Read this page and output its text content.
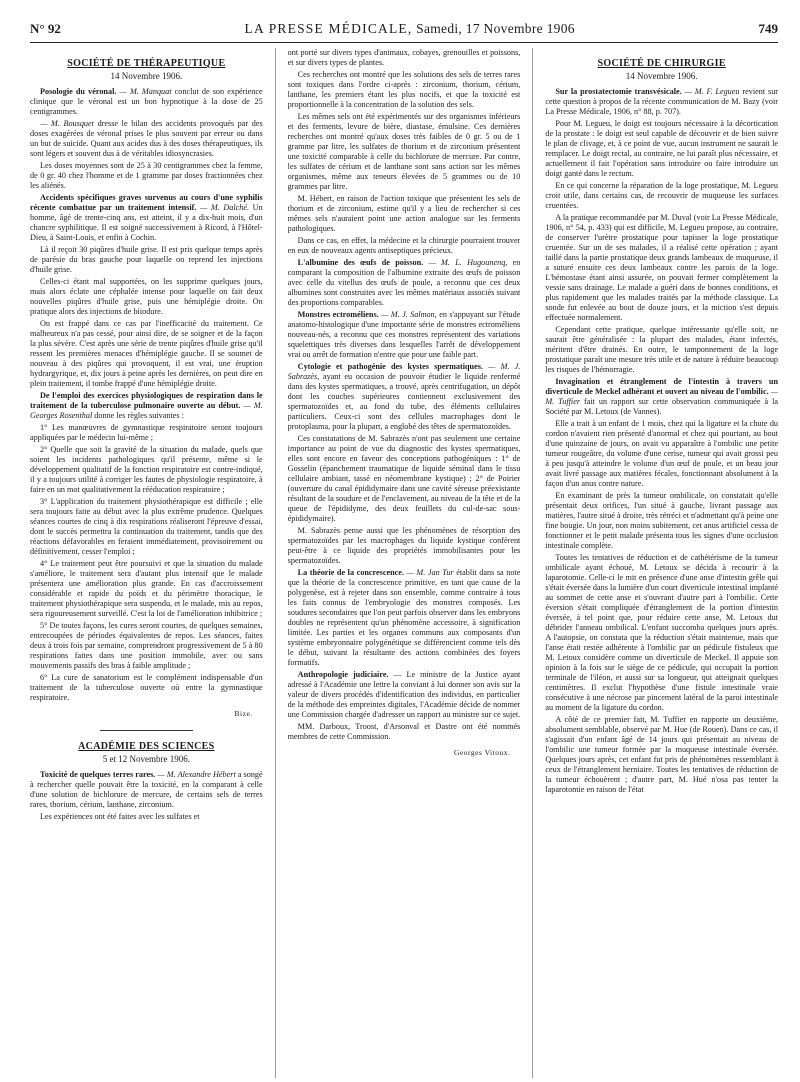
N° 92	LA PRESSE MÉDICALE, Samedi, 17 Novembre 1906	749
SOCIÉTÉ DE THÉRAPEUTIQUE
14 Novembre 1906.

Posologie du véronal. — M. Manquat conclut de son expérience clinique que le véronal est un bon hypnotique à la dose de 25 centigrammes.

— M. Bousquet dresse le bilan des accidents provoqués par des doses exagérées de véronal prises le plus souvent par erreur ou dans un but de suicide. Quant aux acides dus à des doses thérapeutiques, ils sont légers et souvent dus à de véritables idiosyncrasies.

Les doses moyennes sont de 25 à 30 centigrammes chez la femme, de 0 gr. 40 chez l'homme et de 1 gramme par doses fractionnées chez les aliénés.

Accidents spécifiques graves survenus au cours d'une syphilis récente combattue par un traitement intensif. — M. Dalché. Un homme, âgé de trente-cinq ans, est atteint, il y a dix-huit mois, d'un chancre syphilitique. Il est soigné successivement à Ricord, à l'Hôtel-Dieu, à Saint-Louis, et enfin à Cochin.

Là il reçoit 30 piqûres d'huile grise. Il est pris quelque temps après de parésie du bras gauche pour laquelle on reprend les injections d'huile grise.

Celles-ci étant mal supportées, on les supprime quelques jours, mais alors éclate une céphalée intense pour laquelle on fait deux nouvelles piqûres d'huile grise, puis une hémiplégie droite. On pratique alors des injections de biiodure.

On est frappé dans ce cas par l'inefficacité du traitement. Ce malheureux n'a pas cessé, pour ainsi dire, de se soigner et de la façon la plus sévère. C'est après une série de trente piqûres d'huile grise qu'il ressent les premières menaces d'hémiplégie gauche. Il se soumet de nouveau à des piqûres qui provoquent, il est vrai, une éruption hydrargyrique, et, dix jours à peine après les dernières, on peut dire en plein traitement, il tombe frappé d'une hémiplégie droite.

De l'emploi des exercices physiologiques de respiration dans le traitement de la tuberculose pulmonaire ouverte au début. — M. Georges Rosenthal donne les règles suivantes :

1° Les manœuvres de gymnastique respiratoire seront toujours appliquées par le médecin lui-même ;

2° Quelle que soit la gravité de la situation du malade, quels que soient les incidents pathologiques qu'il présente, même si le développement qualitatif de la fonction respiratoire est contre-indiqué, il y a toujours utilité à corriger les fautes de physiologie respiratoire, à faire en un mot qualitativement la rééducation respiratoire ;

3° L'application du traitement physiothérapique est difficile ; elle sera toujours faite au début avec la plus extrême prudence. Quelques séances courtes de cinq à dix respirations réaliseront l'épreuve d'essai, dont le succès permettra la continuation du traitement, tandis que des réactions défavorables en feraient immédiatement, provisoirement ou définitivement, cesser l'emploi ;

4° Le traitement peut être poursuivi et que la situation du malade s'améliore, le traitement sera d'autant plus intensif que le malade présentera une amélioration plus grande. En cas d'accroissement considérable et rapide du poids et du périmètre thoracique, le traitement physiothérapique sera suspendu, et le malade, mis au repos, sera rigoureusement surveillé. C'est la loi de l'amélioration inhibitrice ;

5° De toutes façons, les cures seront courtes, de quelques semaines, entrecoupées de périodes équivalentes de repos. Les séances, faites deux à trois fois par semaine, comprendront progressivement de 5 à 80 respirations faites dans une position immobile, avec ou sans mouvements passifs des bras à faible amplitude ;

6° La cure de sanatorium est le complément indispensable d'un traitement de la tuberculose ouverte où entre la gymnastique respiratoire.

Bize.
ACADÉMIE DES SCIENCES
5 et 12 Novembre 1906.

Toxicité de quelques terres rares. — M. Alexandre Hébert a songé à rechercher quelle pouvait être la toxicité, en la comparant à celle d'une solution de bichlorure de mercure, de certains sels de terres rares, thorium, cérium, lanthane, zirconium.

Les expériences ont été faites avec les sulfates et

ont porté sur divers types d'animaux, cobayes, grenouilles et poissons, et sur divers types de plantes.

Ces recherches ont montré que les solutions des sels de terres rares sont toxiques dans l'ordre ci-après : zirconium, thorium, cérium, lanthane, les premiers étant les plus nocifs, et que la toxicité est proportionnelle à la concentration de la solution des sels.

Les mêmes sels ont été expérimentés sur des organismes inférieurs et des ferments, levure de bière, diastase, émulsine. Ces dernières recherches ont montré qu'aux doses très faibles de 0 gr. 5 ou de 1 gramme par litre, les sulfates de thorium et de zirconium présentent une toxicité comparable à celle du bichlorure de mercure. Par contre, les sulfates de cérium et de lanthane sont sans action sur les mêmes organismes, même aux teneurs élevées de 5 grammes ou de 10 grammes par litre.

M. Hébert, en raison de l'action toxique que présentent les sels de thorium et de zirconium, estime qu'il y a lieu de rechercher si ces mêmes sels n'auraient point une action analogue sur les ferments pathologiques.

Dans ce cas, en effet, la médecine et la chirurgie pourraient trouver en eux de nouveaux agents antiseptiques précieux.

L'albumine des œufs de poisson. — M. L. Hugounenq, en comparant la composition de l'albumine extraite des œufs de poisson avec celle du vitellus des œufs de poule, a reconnu que ces deux albumines sont construites avec les mêmes matériaux associés suivant des proportions comparables.

Monstres ectroméliens. — M. J. Salmon, en s'appuyant sur l'étude anatomo-histologique d'une importante série de monstres ectroméliens nouveau-nés, a reconnu que ces monstres représentent des variations squelettiques très diverses dans lesquelles l'arrêt de développement vrai ou arrêt de formation n'entre que pour une faible part.

Cytologie et pathogénie des kystes spermatiques. — M. J. Sabrazès, ayant eu occasion de pouvoir étudier le liquide renfermé dans des kystes spermatiques, a trouvé, après centrifugation, un dépôt dont les couches supérieures contiennent exclusivement des spermatozoïdes et, au fond du tube, des éléments cellulaires particuliers. Ceux-ci sont des cellules macrophages dont le protoplasma, pour la plupart, a englobé des têtes de spermatozoïdes.

Ces constatations de M. Sabrazès n'ont pas seulement une certaine importance au point de vue du diagnostic des kystes spermatiques, elles sont encore en faveur des conceptions pathogéniques : 1° de Gosselin (épanchement traumatique de liquide séminal dans le tissu cellulaire ambiant, tassé en néomembrane kystique) ; 2° de Poirier (ouverture du canal épididymaire dans une cavité séreuse préexistante résultant de la soudure et de l'enclavement, au niveau de la tête et de la queue de l'épididyme, des deux feuillets du cul-de-sac sous-épididymaire).

M. Sabrazès pense aussi que les phénomènes de résorption des spermatozoïdes par les macrophages du liquide kystique confèrent peut-être à ce liquide des propriétés immobilisantes pour les spermatozoïdes.

La théorie de la concrescence. — M. Jan Tur établit dans sa note que la théorie de la concrescence primitive, en tant que cause de la polygenèse, est à rejeter dans son ensemble, comme contraire à tous les faits connus de l'embryologie des monstres composés. Les soudures secondaires que l'on peut parfois observer dans les embryons doubles ne représentent qu'un phénomène accessoire, à signification limitée. Les parties et les organes communs aux composants d'un système embryonnaire polygénétique se différencient comme tels dès le début, suivant la résultante des actions combinées des foyers formatifs.

Anthropologie judiciaire. — Le ministre de la Justice ayant adressé à l'Académie une lettre la conviant à lui donner son avis sur la valeur de divers procédés d'identification des individus, en particulier de la méthode des empreintes digitales, l'Académie décide de nommer une Commission chargée d'adresser un rapport au ministre sur ce sujet.

MM. Darboux, Troost, d'Arsonval et Dastre ont été nommés membres de cette Commission.

Georges Vitoux.
SOCIÉTÉ DE CHIRURGIE
14 Novembre 1906.

Sur la prostatectomie transvésicale. — M. F. Legueu revient sur cette question à propos de la récente communication de M. Bazy (voir La Presse Médicale, 1906, n° 88, p. 707).

Pour M. Legueu, le doigt est toujours nécessaire à la décortication de la prostate : le doigt est seul capable de découvrir et de bien suivre le plan de clivage, et, à ce point de vue, aucun instrument ne saurait le remplacer. Le doigt rectal, au contraire, ne lui paraît plus nécessaire, et actuellement il fait l'opération sans introduire ou faire introduire un doigt ganté dans le rectum.

En ce qui concerne la réparation de la loge prostatique, M. Legueu croit utile, dans certains cas, de recouvrir de muqueuse les surfaces cruentées.

A la pratique recommandée par M. Duval (voir La Presse Médicale, 1906, n° 54, p. 433) qui est difficile, M. Legueu propose, au contraire, de conserver l'urètre prostatique pour tapisser la loge prostatique cruentée. Sur un de ses malades, il a réalisé cette opération ; ayant taillé dans la partie prostatique deux grands lambeaux de muqueuse, il a suturé ensuite ces deux lambeaux contre les parois de la loge. L'hémostase étant ainsi assurée, on pouvait fermer complètement la vessie sans drainage. Le malade a guéri dans de bonnes conditions, et plus rapidement que les malades traités par la méthode classique. La sonde fut enlevée au bout de douze jours, et la miction s'est depuis effectuée normalement.

Cependant cette pratique, quelque intéressante qu'elle soit, ne saurait être généralisée : la plupart des malades, étant infectés, méritent d'être drainés. En outre, le tamponnement de la loge prostatique paraît une mesure très utile et de nature à réduire beaucoup les risques de l'hémorragie.

Invagination et étranglement de l'intestin à travers un diverticule de Meckel adhérant et ouvert au niveau de l'ombilic. — M. Tuffier fait un rapport sur cette observation communiquée à la Société par M. Letoux (de Vannes).

Elle a trait à un enfant de 1 mois, chez qui la ligature et la chute du cordon n'avaient rien présenté d'anormal et chez qui pourtant, au bout d'une quinzaine de jours, on avait vu apparaître à l'ombilic une petite tumeur rougeâtre, du volume d'une cerise, tumeur qui avait grossi peu à peu jusqu'à atteindre le volume d'un œuf de poule, et un beau jour avait livré passage aux matières fécales, fonctionnant absolument à la façon d'un anus contre nature.

En examinant de près la tumeur ombilicale, on constatait qu'elle présentait deux orifices, l'un situé à gauche, livrant passage aux matières, l'autre situé à droite, très rétréci et n'admettant qu'à peine une fine bougie. Un jour, non moins subitement, cet anus artificiel cessa de fonctionner et le petit malade présenta tous les signes d'une occlusion intestinale complète.

Toutes les tentatives de réduction et de cathétérisme de la tumeur ombilicale ayant échoué, M. Letoux se décida à recourir à la laparotomie. Celle-ci le mit en présence d'une anse d'intestin grêle qui s'était éversée dans la lumière d'un court diverticule intestinal implanté au sommet de cette anse et s'ouvrant d'autre part à l'ombilic. Cette éversion s'était compliquée d'étranglement de la portion d'intestin éversée, à tel point que, pour réduire cette anse, M. Letoux dut débrider l'anneau ombilical. L'enfant succomba quelques jours après. A l'autopsie, on constata que la réduction s'était maintenue, mais que l'anse était restée adhérente à l'ombilic par un pédicule fistuleux que M. Letoux considère comme un diverticule de Meckel. Il appuie son opinion à la fois sur le siège de ce pédicule, qui occupait la portion terminale de l'iléon, et aussi sur sa longueur, qui atteignait quelques centimètres. Il exclut l'hypothèse d'une fistule intestinale vraie consécutive à une nécrose par pincement latéral de la paroi intestinale au moment de la ligature du cordon.

A côté de ce premier fait, M. Tuffier en rapporte un deuxième, absolument semblable, observé par M. Hue (de Rouen). Dans ce cas, il s'agissait d'un enfant âgé de 14 jours qui présentait au niveau de l'ombilic une tumeur formée par la muqueuse intestinale éversée. Quelques jours après, cet enfant fut pris de phénomènes ressemblant à ceux de l'étranglement herniaire. Toutes les tentatives de réduction de la tumeur échouèrent ; d'autre part, M. Hué n'osa pas tenter la laparotomie en raison de l'état
